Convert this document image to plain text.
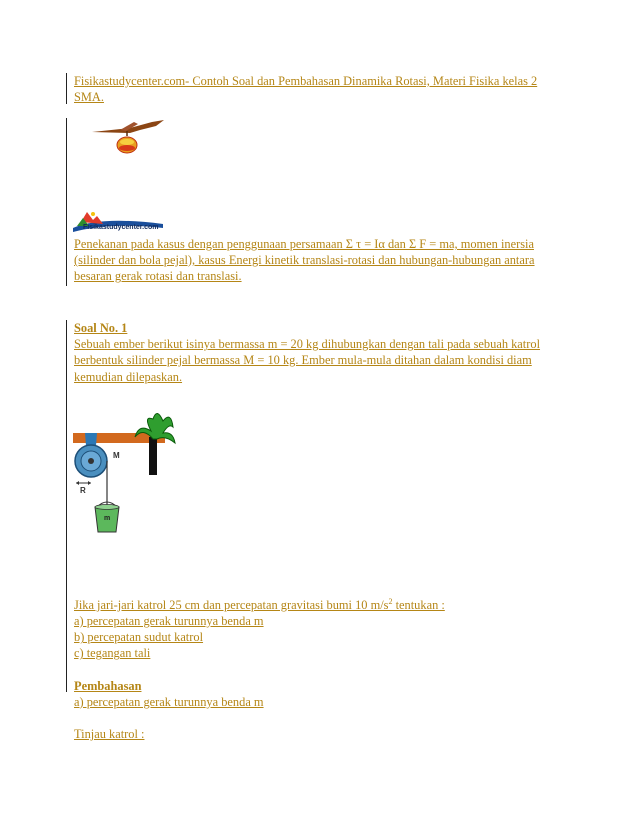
Fisikastudycenter.com- Contoh Soal dan Pembahasan Dinamika Rotasi, Materi Fisika kelas 2

SMA.

Fisikastudycenter.com

Penekanan pada kasus dengan penggunaan persamaan Σ τ = Iα dan Σ F = ma, momen inersia

(silinder dan bola pejal), kasus Energi kinetik translasi-rotasi dan hubungan-hubungan antara

besaran gerak rotasi dan translasi.

Soal No. 1

Sebuah ember berikut isinya bermassa m = 20 kg dihubungkan dengan tali pada sebuah katrol

berbentuk silinder pejal bermassa M = 10 kg. Ember mula-mula ditahan dalam kondisi diam

kemudian dilepaskan.

M
R
m

Jika jari-jari katrol 25 cm dan percepatan gravitasi bumi 10 $m/s^2$ tentukan :

a) percepatan gerak turunnya benda m

b) percepatan sudut katrol

c) tegangan tali

Pembahasan

a) percepatan gerak turunnya benda m

Tinjau katrol :
